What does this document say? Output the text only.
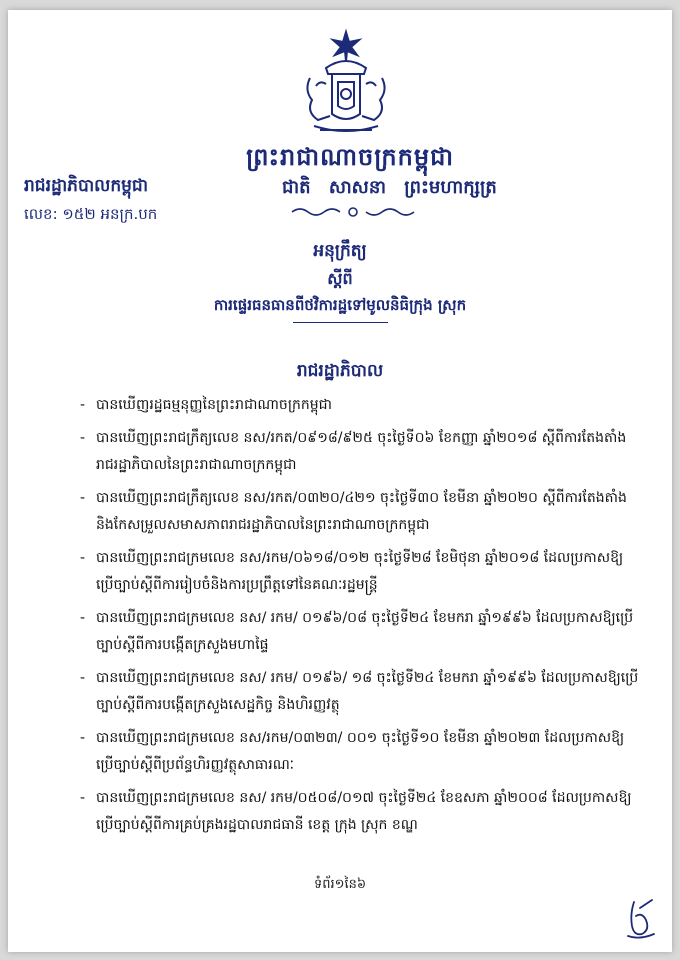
ព្រះរាជាណាចក្រកម្ពុជា
រាជរដ្ឋាភិបាលកម្ពុជា	ជាតិ សាសនា ព្រះមហាក្សត្រ
លេខ: ១៥២ អនក្រ.បក
អនុក្រឹត្យ
ស្តីពី
ការផ្ទេរធនធានពីថវិការដ្ឋទៅមូលនិធិក្រុង ស្រុក
រាជរដ្ឋាភិបាល
- បានឃើញរដ្ឋធម្មនុញ្ញនៃព្រះរាជាណាចក្រកម្ពុជា
- បានឃើញព្រះរាជក្រឹត្យលេខ នស/រកត/០៩១៨/៩២៥ ចុះថ្ងៃទី០៦ ខែកញ្ញា ឆ្នាំ២០១៨ ស្តីពីការតែងតាំងរាជរដ្ឋាភិបាលនៃព្រះរាជាណាចក្រកម្ពុជា
- បានឃើញព្រះរាជក្រឹត្យលេខ នស/រកត/០៣២០/៤២១ ចុះថ្ងៃទី៣០ ខែមីនា ឆ្នាំ២០២០ ស្តីពីការតែងតាំងនិងកែសម្រួលសមាសភាពរាជរដ្ឋាភិបាលនៃព្រះរាជាណាចក្រកម្ពុជា
- បានឃើញព្រះរាជក្រមលេខ នស/រកម/០៦១៨/០១២ ចុះថ្ងៃទី២៨ ខែមិថុនា ឆ្នាំ២០១៨ ដែលប្រកាសឱ្យប្រើច្បាប់ស្តីពីការរៀបចំនិងការប្រព្រឹត្តទៅនៃគណៈរដ្ឋមន្ត្រី
- បានឃើញព្រះរាជក្រមលេខ នស/ រកម/ ០១៩៦/០៨ ចុះថ្ងៃទី២៤ ខែមករា ឆ្នាំ១៩៩៦ ដែលប្រកាសឱ្យប្រើច្បាប់ស្តីពីការបង្កើតក្រសួងមហាផ្ទៃ
- បានឃើញព្រះរាជក្រមលេខ នស/ រកម/ ០១៩៦/ ១៨ ចុះថ្ងៃទី២៤ ខែមករា ឆ្នាំ១៩៩៦ ដែលប្រកាសឱ្យប្រើច្បាប់ស្តីពីការបង្កើតក្រសួងសេដ្ឋកិច្ច និងហិរញ្ញវត្ថុ
- បានឃើញព្រះរាជក្រមលេខ នស/រកម/០៣២៣/ ០០១ ចុះថ្ងៃទី១០ ខែមីនា ឆ្នាំ២០២៣ ដែលប្រកាសឱ្យប្រើច្បាប់ស្តីពីប្រព័ន្ធហិរញ្ញវត្ថុសាធារណៈ
- បានឃើញព្រះរាជក្រមលេខ នស/ រកម/០៥០៨/០១៧ ចុះថ្ងៃទី២៤ ខែឧសភា ឆ្នាំ២០០៨ ដែលប្រកាសឱ្យប្រើច្បាប់ស្តីពីការគ្រប់គ្រងរដ្ឋបាលរាជធានី ខេត្ត ក្រុង ស្រុក ខណ្ឌ
ទំព័រ១នៃ៦
